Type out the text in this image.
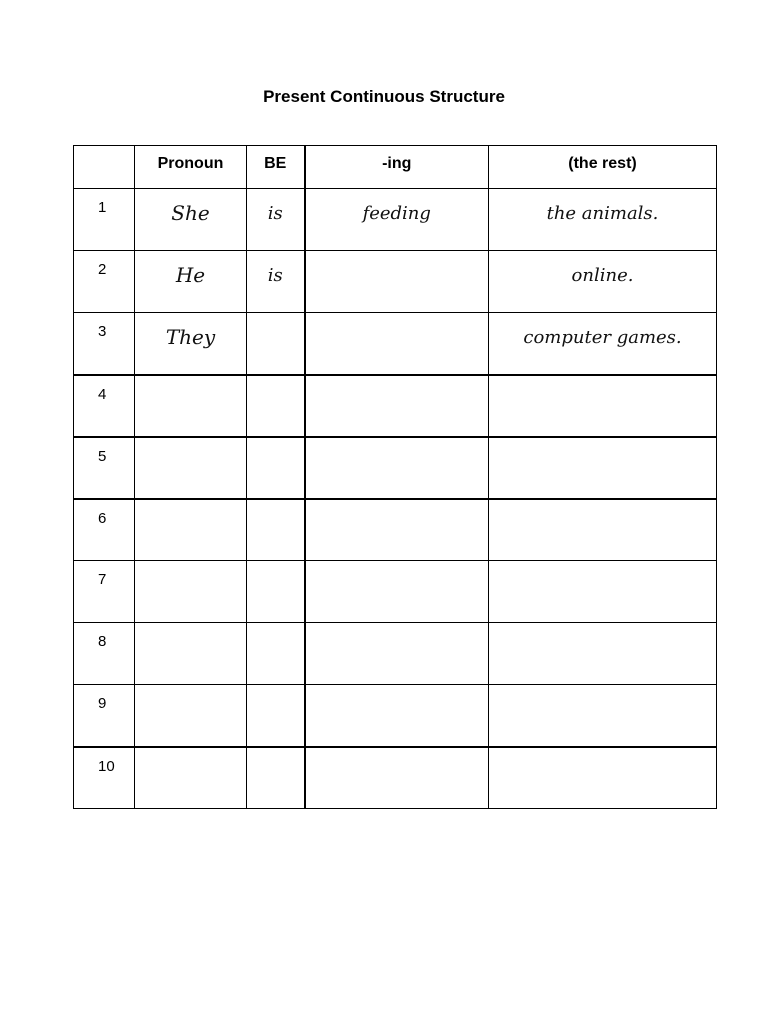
Present Continuous Structure
	Pronoun	BE	-ing	(the rest)
1	She	is	feeding	the animals.
2	He	is		online.
3	They			computer games.
4				
5				
6				
7				
8				
9				
10				
